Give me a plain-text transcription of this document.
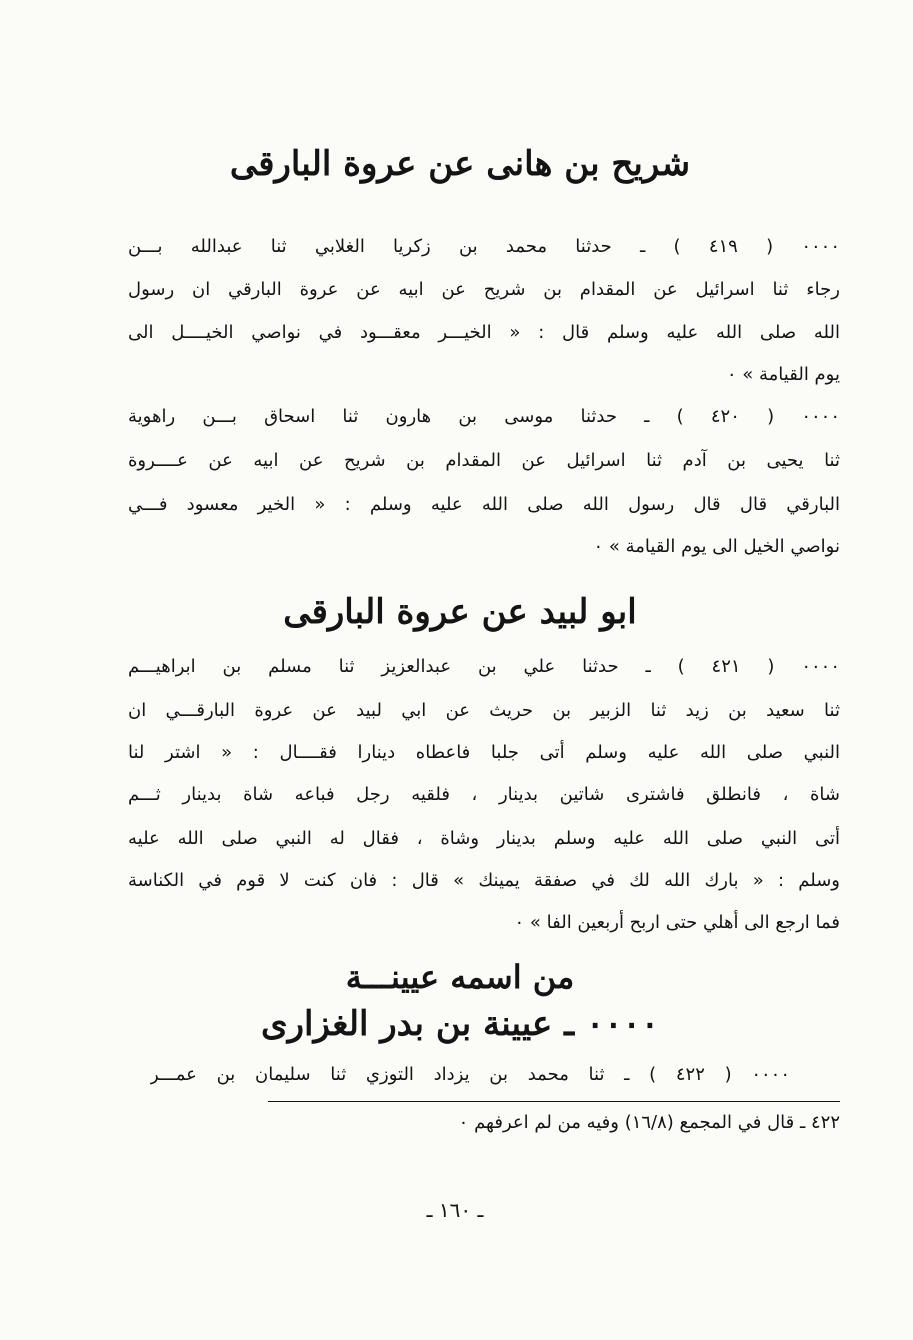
شريح بن هانى عن عروة البارقى
٠٠٠٠ ( ٤١٩ ) ـ حدثنا محمد بن زكريا الغلابي ثنا عبدالله بـــن
رجاء ثنا اسرائيل عن المقدام بن شريح عن ابيه عن عروة البارقي ان رسول
الله صلى الله عليه وسلم قال : « الخيـــر معقـــود في نواصي الخيــــل الى
يوم القيامة » ٠
٠٠٠٠ ( ٤٢٠ ) ـ حدثنا موسى بن هارون ثنا اسحاق بـــن راهوية
ثنا يحيى بن آدم ثنا اسرائيل عن المقدام بن شريح عن ابيه عن عــــروة
البارقي قال قال رسول الله صلى الله عليه وسلم : « الخير معسود فـــي
نواصي الخيل الى يوم القيامة » ٠
ابو لبيد عن عروة البارقى
٠٠٠٠ ( ٤٢١ ) ـ حدثنا علي بن عبدالعزيز ثنا مسلم بن ابراهيـــم
ثنا سعيد بن زيد ثنا الزبير بن حريث عن ابي لبيد عن عروة البارقـــي ان
النبي صلى الله عليه وسلم أتى جلبا فاعطاه دينارا فقــــال : « اشتر لنا
شاة ، فانطلق فاشترى شاتين بدينار ، فلقيه رجل فباعه شاة بدينار ثـــم
أتى النبي صلى الله عليه وسلم بدينار وشاة ، فقال له النبي صلى الله عليه
وسلم : « بارك الله لك في صفقة يمينك » قال : فان كنت لا قوم في الكناسة
فما ارجع الى أهلي حتى اربح أربعين الفا » ٠
من اسمه عيينـــة
٠٠٠٠ ـ عيينة بن بدر الغزارى
٠٠٠٠ ( ٤٢٢ ) ـ ثنا محمد بن يزداد التوزي ثنا سليمان بن عمـــر
٤٢٢ ـ قال في المجمع (١٦/٨) وفيه من لم اعرفهم ٠
ـ ١٦٠ ـ
